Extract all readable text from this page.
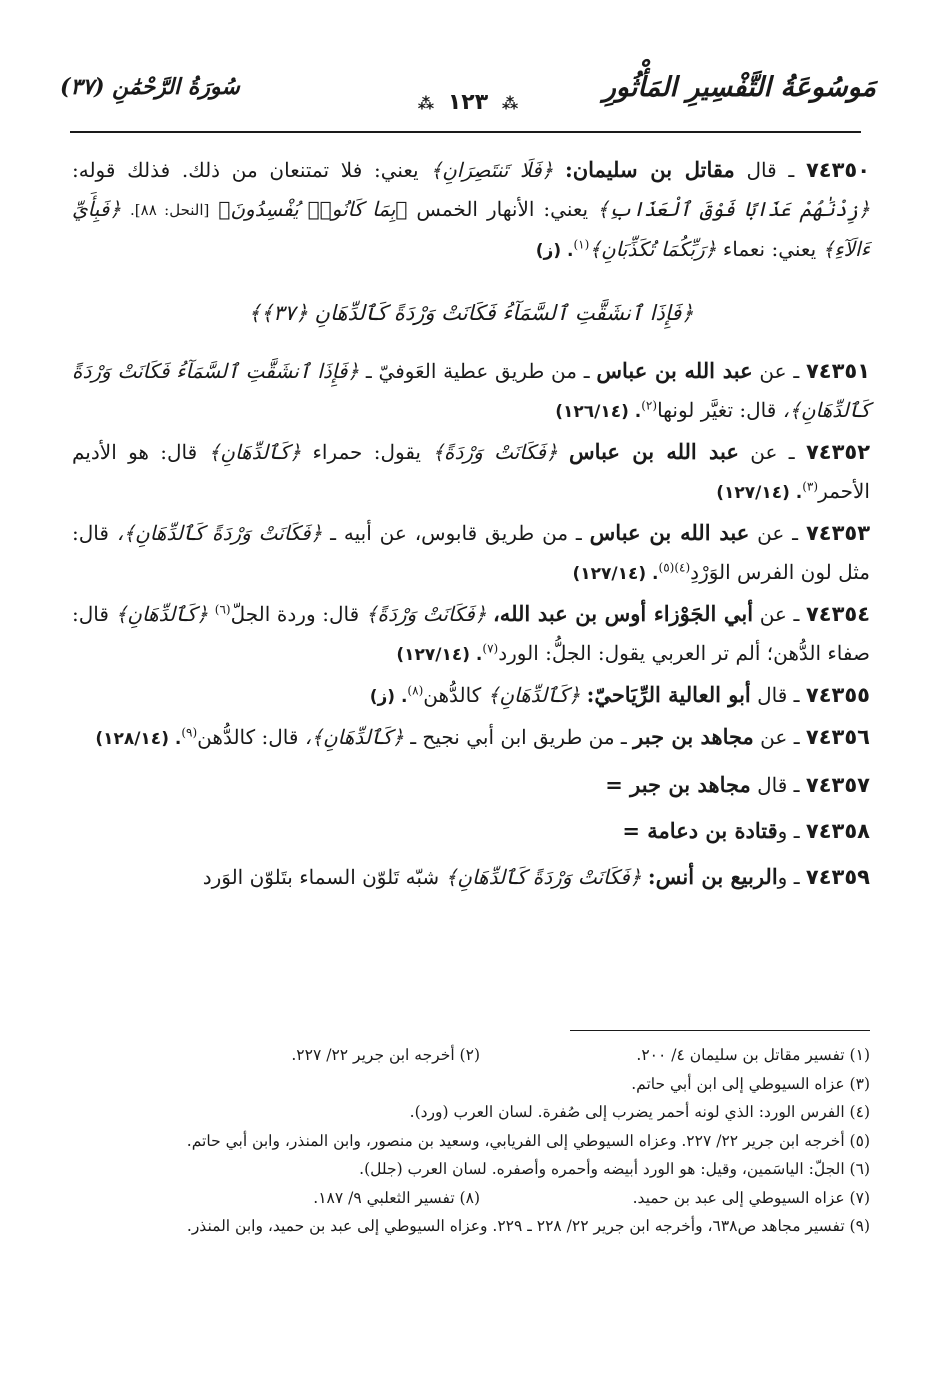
مَوسُوعَةُ التَّفْسِيرِ المَأْثُورِ
⁂ ١٢٣ ⁂
سُورَةُ الرَّحْمَٰنِ (٣٧)

٧٤٣٥٠ ـ قال مقاتل بن سليمان: ﴿فَلَا تَنتَصِرَانِ﴾ يعني: فلا تمتنعان من ذلك. فذلك قوله: ﴿زِدْنَٰهُمْ عَذَابًا فَوْقَ ٱلْعَذَابِ﴾ يعني: الأنهار الخمس ﴿بِمَا كَانُوا۟ يُفْسِدُونَ﴾ [النحل: ٨٨]. ﴿فَبِأَيِّ ءَالَآءِ﴾ يعني: نعماء ﴿رَبِّكُمَا تُكَذِّبَانِ﴾$^{(١)}$. (ز)

﴿فَإِذَا ٱنشَقَّتِ ٱلسَّمَآءُ فَكَانَتْ وَرْدَةً كَٱلدِّهَانِ ﴿٣٧﴾﴾

٧٤٣٥١ ـ عن عبد الله بن عباس ـ من طريق عطية العَوفيّ ـ ﴿فَإِذَا ٱنشَقَّتِ ٱلسَّمَآءُ فَكَانَتْ وَرْدَةً كَٱلدِّهَانِ﴾، قال: تغيَّر لونها$^{(٢)}$. (١٢٦/١٤)

٧٤٣٥٢ ـ عن عبد الله بن عباس ﴿فَكَانَتْ وَرْدَةً﴾ يقول: حمراء ﴿كَٱلدِّهَانِ﴾ قال: هو الأديم الأحمر$^{(٣)}$. (١٢٧/١٤)

٧٤٣٥٣ ـ عن عبد الله بن عباس ـ من طريق قابوس، عن أبيه ـ ﴿فَكَانَتْ وَرْدَةً كَٱلدِّهَانِ﴾، قال: مثل لون الفرس الوَرْدِ$^{(٤)(٥)}$. (١٢٧/١٤)

٧٤٣٥٤ ـ عن أبي الجَوْزاء أوس بن عبد الله، ﴿فَكَانَتْ وَرْدَةً﴾ قال: وردة الجلّ$^{(٦)}$ ﴿كَٱلدِّهَانِ﴾ قال: صفاء الدُّهن؛ ألم تر العربي يقول: الجلُّ: الورد$^{(٧)}$. (١٢٧/١٤)

٧٤٣٥٥ ـ قال أبو العالية الرِّيَاحيّ: ﴿كَٱلدِّهَانِ﴾ كالدُّهن$^{(٨)}$. (ز)

٧٤٣٥٦ ـ عن مجاهد بن جبر ـ من طريق ابن أبي نجيح ـ ﴿كَٱلدِّهَانِ﴾، قال: كالدُّهن$^{(٩)}$. (١٢٨/١٤)

٧٤٣٥٧ ـ قال مجاهد بن جبر =

٧٤٣٥٨ ـ وقتادة بن دعامة =

٧٤٣٥٩ ـ والربيع بن أنس: ﴿فَكَانَتْ وَرْدَةً كَٱلدِّهَانِ﴾ شبّه تَلوّن السماء بتَلوّن الوَرد

(١) تفسير مقاتل بن سليمان ٤/ ٢٠٠.
(٢) أخرجه ابن جرير ٢٢/ ٢٢٧.

(٣) عزاه السيوطي إلى ابن أبي حاتم.

(٤) الفرس الورد: الذي لونه أحمر يضرب إلى صُفرة. لسان العرب (ورد).

(٥) أخرجه ابن جرير ٢٢/ ٢٢٧. وعزاه السيوطي إلى الفريابي، وسعيد بن منصور، وابن المنذر، وابن أبي حاتم.

(٦) الجلّ: الياسَمين، وقيل: هو الورد أبيضه وأحمره وأصفره. لسان العرب (جلل).

(٧) عزاه السيوطي إلى عبد بن حميد.
(٨) تفسير الثعلبي ٩/ ١٨٧.

(٩) تفسير مجاهد ص٦٣٨، وأخرجه ابن جرير ٢٢/ ٢٢٨ ـ ٢٢٩. وعزاه السيوطي إلى عبد بن حميد، وابن المنذر.
